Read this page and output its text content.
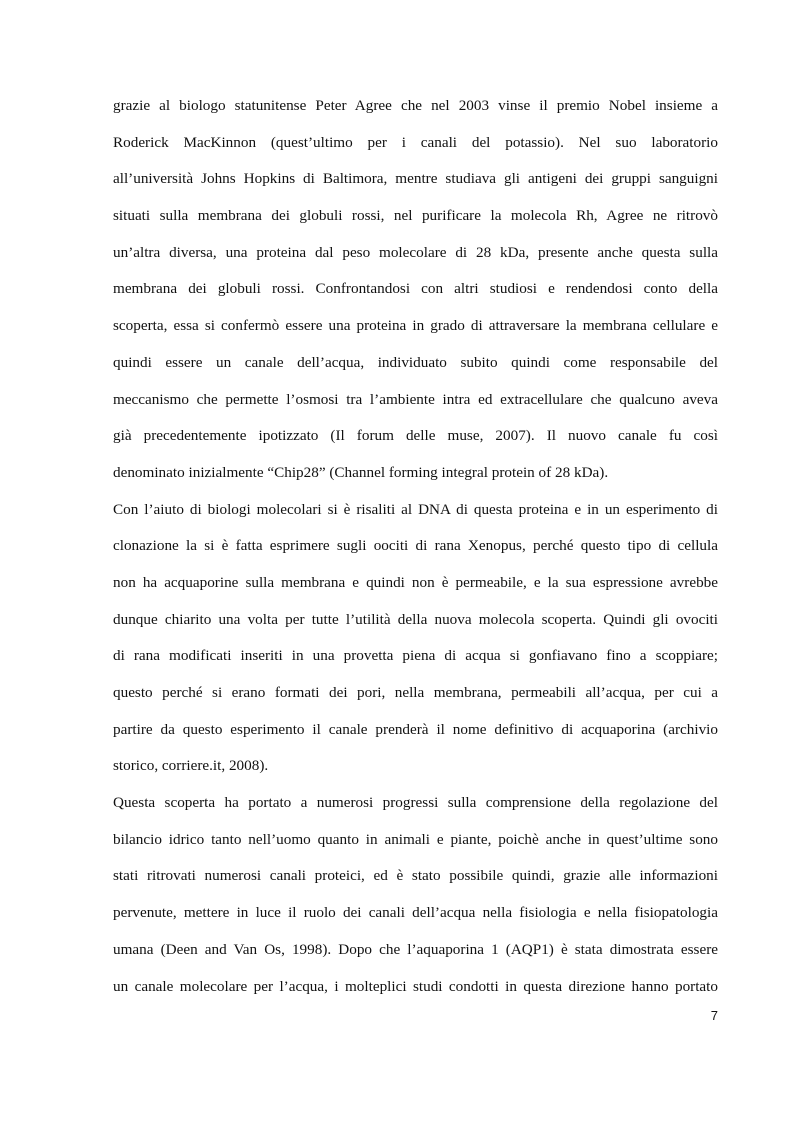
grazie al biologo statunitense Peter Agree che nel 2003 vinse il premio Nobel insieme a
Roderick MacKinnon (quest’ultimo per i canali del potassio). Nel suo laboratorio
all’università Johns Hopkins di Baltimora, mentre studiava gli antigeni dei gruppi sanguigni
situati sulla membrana dei globuli rossi, nel purificare la molecola Rh, Agree ne ritrovò
un’altra diversa, una proteina dal peso molecolare di 28 kDa, presente anche questa sulla
membrana dei globuli rossi. Confrontandosi con altri studiosi e rendendosi conto della
scoperta, essa si confermò essere una proteina in grado di attraversare la membrana cellulare e
quindi essere un canale dell’acqua, individuato subito quindi come responsabile del
meccanismo che permette l’osmosi tra l’ambiente intra ed extracellulare che qualcuno aveva
già precedentemente ipotizzato (Il forum delle muse, 2007). Il nuovo canale fu così
denominato inizialmente “Chip28” (Channel forming integral protein of 28 kDa).
Con l’aiuto di biologi molecolari si è risaliti al DNA di questa proteina e in un esperimento di
clonazione la si è fatta esprimere sugli oociti di rana Xenopus, perché questo tipo di cellula
non ha acquaporine sulla membrana e quindi non è permeabile, e la sua espressione avrebbe
dunque chiarito una volta per tutte l’utilità della nuova molecola scoperta. Quindi gli ovociti
di rana modificati inseriti in una provetta piena di acqua si gonfiavano fino a scoppiare;
questo perché si erano formati dei pori, nella membrana, permeabili all’acqua, per cui a
partire da questo esperimento il canale prenderà il nome definitivo di acquaporina (archivio
storico, corriere.it, 2008).
Questa scoperta ha portato a numerosi progressi sulla comprensione della regolazione del
bilancio idrico tanto nell’uomo quanto in animali e piante, poichè anche in quest’ultime sono
stati ritrovati numerosi canali proteici, ed è stato possibile quindi, grazie alle informazioni
pervenute, mettere in luce il ruolo dei canali dell’acqua nella fisiologia e nella fisiopatologia
umana (Deen and Van Os, 1998). Dopo che l’aquaporina 1 (AQP1) è stata dimostrata essere
un canale molecolare per l’acqua, i molteplici studi condotti in questa direzione hanno portato
7
